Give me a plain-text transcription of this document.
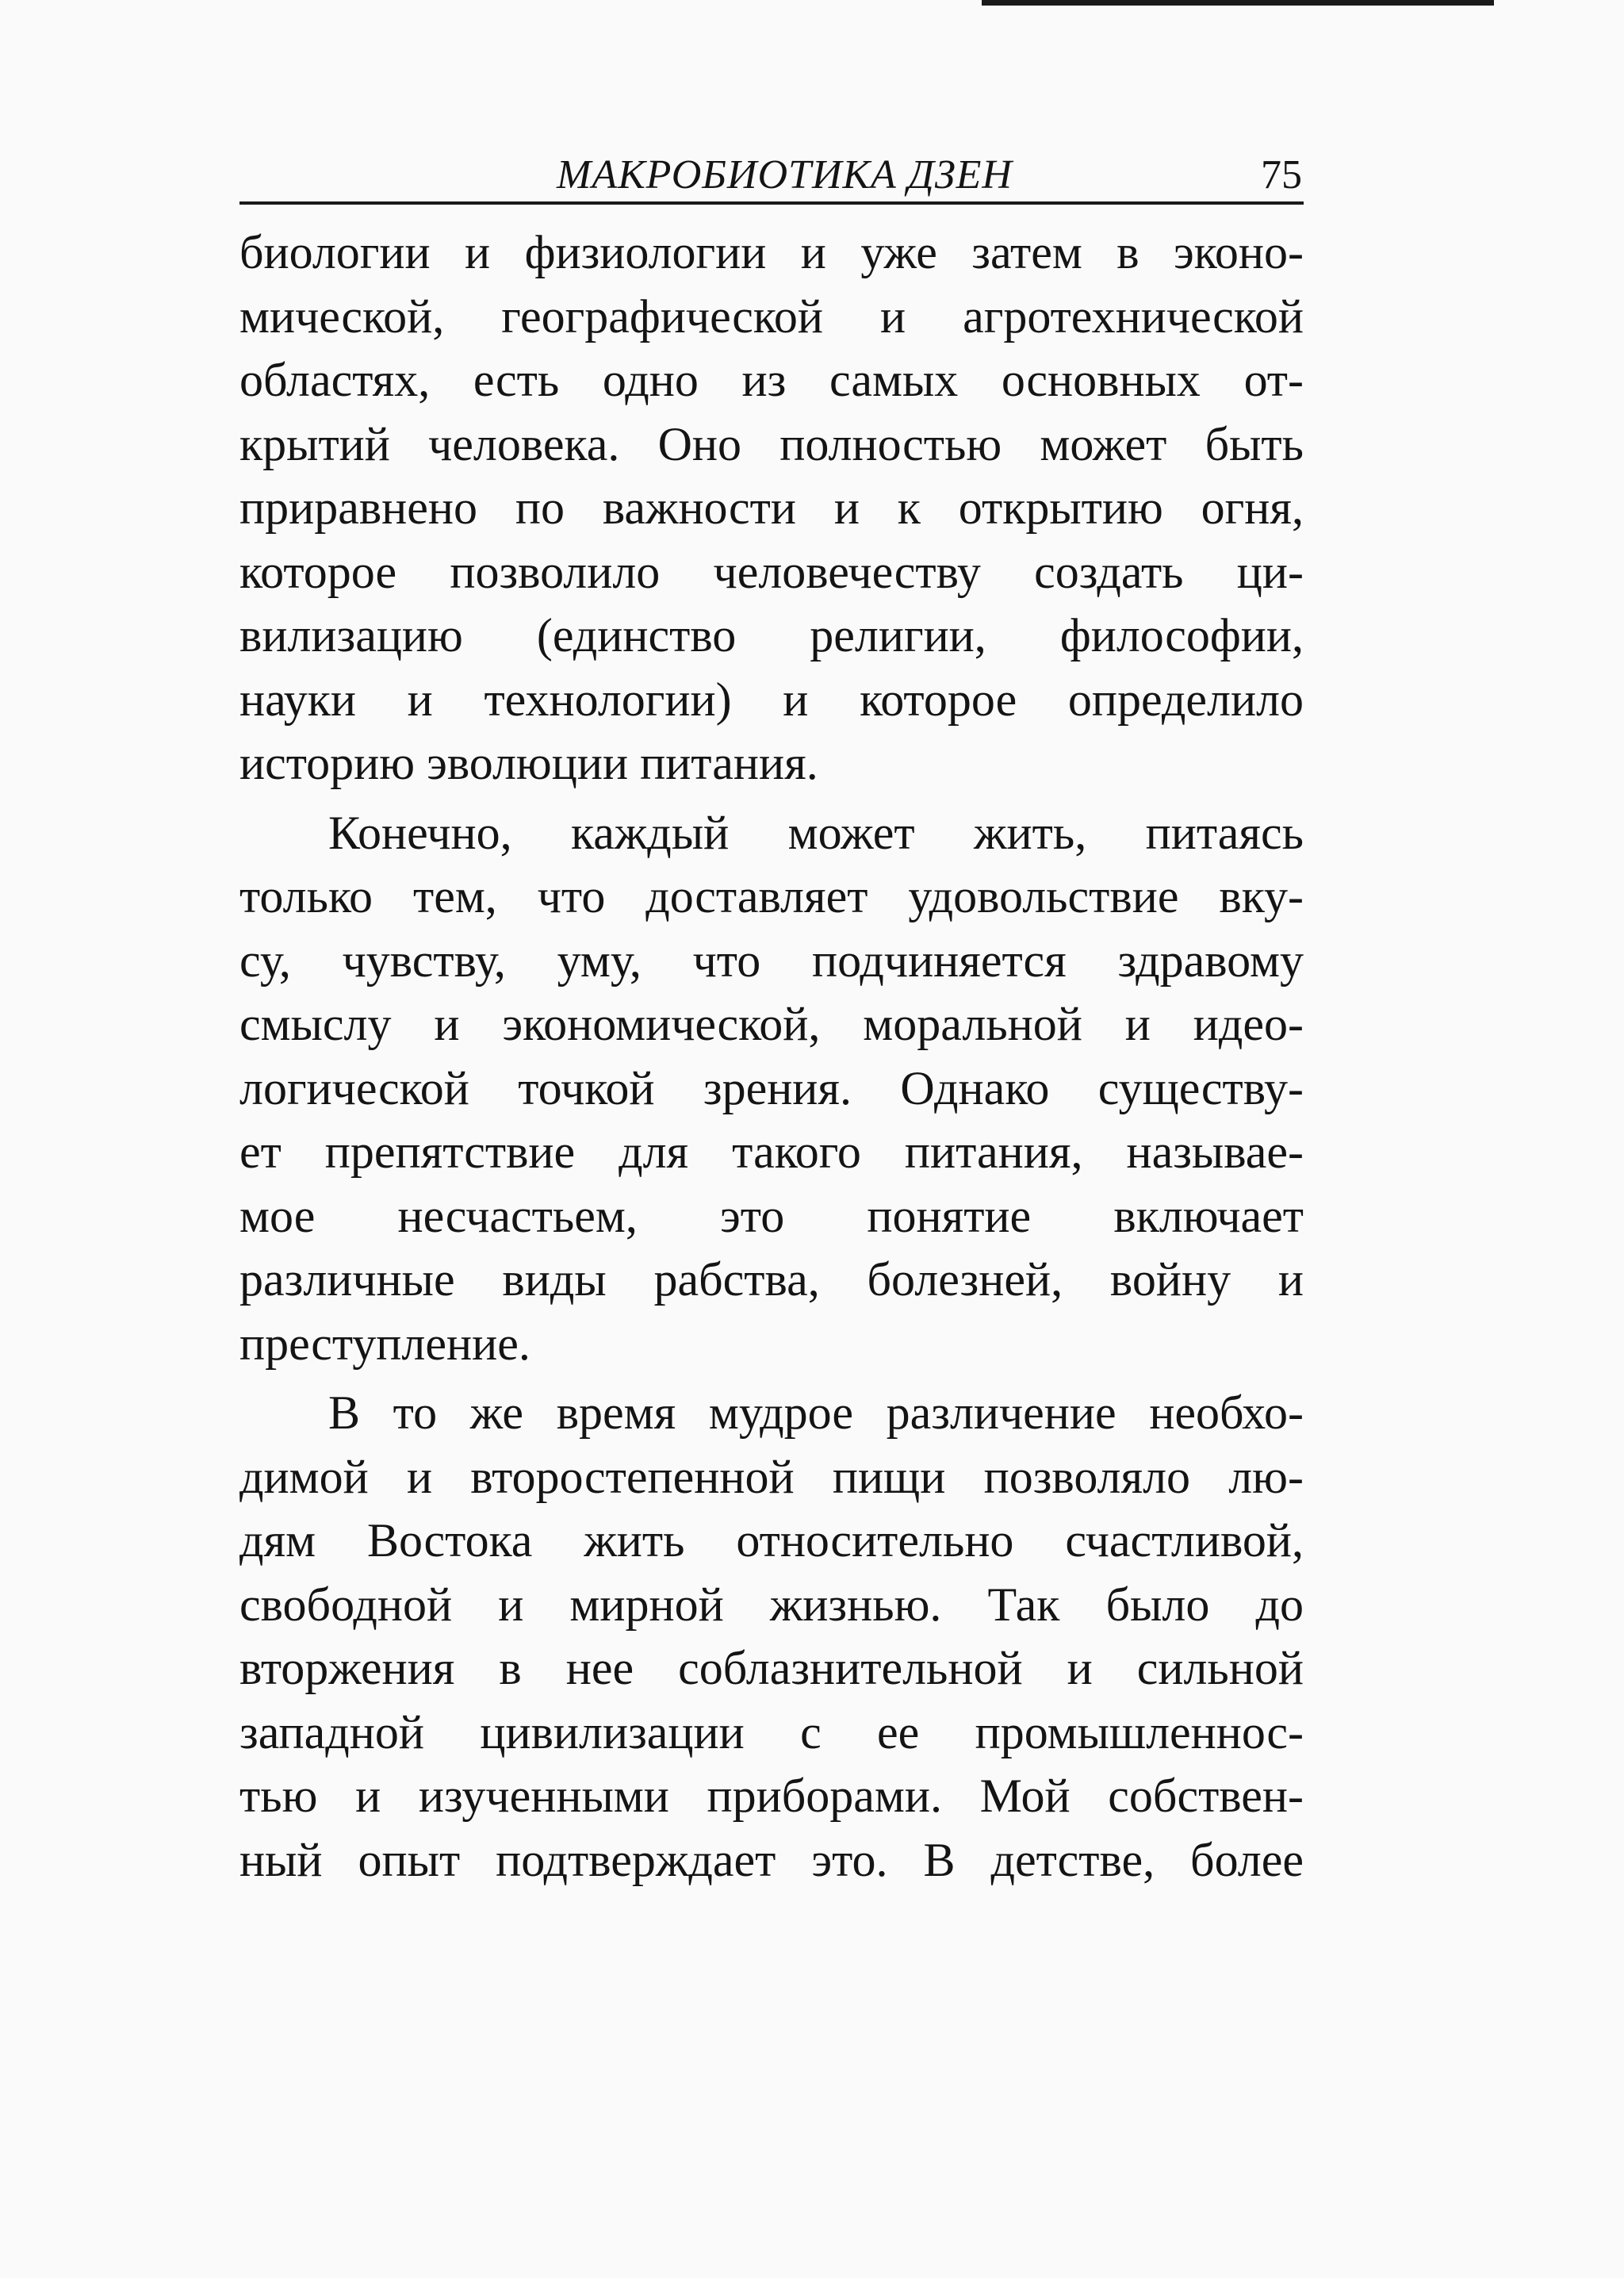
МАКРОБИОТИКА ДЗЕН	75

биологии и физиологии и уже затем в эконо-
мической, географической и агротехнической
областях, есть одно из самых основных от-
крытий человека. Оно полностью может быть
приравнено по важности и к открытию огня,
которое позволило человечеству создать ци-
вилизацию (единство религии, философии,
науки и технологии) и которое определило
историю эволюции питания.

Конечно, каждый может жить, питаясь
только тем, что доставляет удовольствие вку-
су, чувству, уму, что подчиняется здравому
смыслу и экономической, моральной и идео-
логической точкой зрения. Однако существу-
ет препятствие для такого питания, называе-
мое несчастьем, это понятие включает
различные виды рабства, болезней, войну и
преступление.

В то же время мудрое различение необхо-
димой и второстепенной пищи позволяло лю-
дям Востока жить относительно счастливой,
свободной и мирной жизнью. Так было до
вторжения в нее соблазнительной и сильной
западной цивилизации с ее промышленнос-
тью и изученными приборами. Мой собствен-
ный опыт подтверждает это. В детстве, более
